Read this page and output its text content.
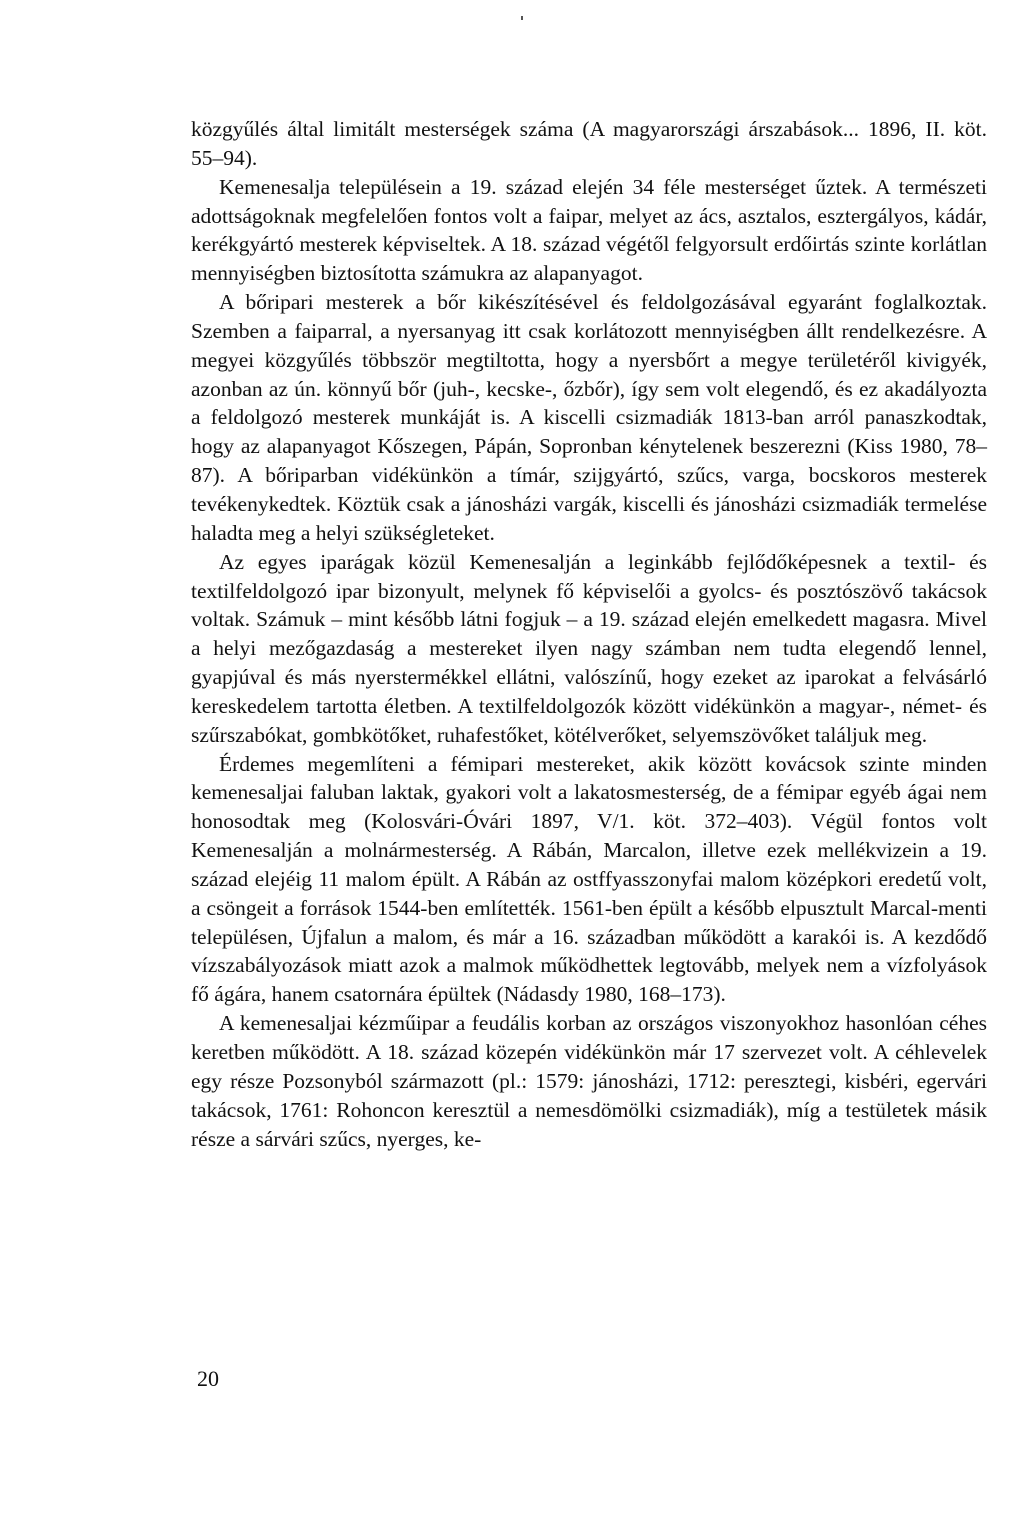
közgyűlés által limitált mesterségek száma (A magyarországi árszabások... 1896, II. köt. 55–94).

Kemenesalja településein a 19. század elején 34 féle mesterséget űztek. A természeti adottságoknak megfelelően fontos volt a faipar, melyet az ács, asztalos, esztergályos, kádár, kerékgyártó mesterek képviseltek. A 18. század végétől felgyorsult erdőirtás szinte korlátlan mennyiségben biztosította számukra az alapanyagot.

A bőripari mesterek a bőr kikészítésével és feldolgozásával egyaránt foglalkoztak. Szemben a faiparral, a nyersanyag itt csak korlátozott mennyiségben állt rendelkezésre. A megyei közgyűlés többször megtiltotta, hogy a nyersbőrt a megye területéről kivigyék, azonban az ún. könnyű bőr (juh-, kecske-, őzbőr), így sem volt elegendő, és ez akadályozta a feldolgozó mesterek munkáját is. A kiscelli csizmadiák 1813-ban arról panaszkodtak, hogy az alapanyagot Kőszegen, Pápán, Sopronban kénytelenek beszerezni (Kiss 1980, 78–87). A bőriparban vidékünkön a tímár, szijgyártó, szűcs, varga, bocskoros mesterek tevékenykedtek. Köztük csak a jánosházi vargák, kiscelli és jánosházi csizmadiák termelése haladta meg a helyi szükségleteket.

Az egyes iparágak közül Kemenesalján a leginkább fejlődőképesnek a textil- és textilfeldolgozó ipar bizonyult, melynek fő képviselői a gyolcs- és posztószövő takácsok voltak. Számuk – mint később látni fogjuk – a 19. század elején emelkedett magasra. Mivel a helyi mezőgazdaság a mestereket ilyen nagy számban nem tudta elegendő lennel, gyapjúval és más nyerstermékkel ellátni, valószínű, hogy ezeket az iparokat a felvásárló kereskedelem tartotta életben. A textilfeldolgozók között vidékünkön a magyar-, német- és szűrszabókat, gombkötőket, ruhafestőket, kötélverőket, selyemszövőket találjuk meg.

Érdemes megemlíteni a fémipari mestereket, akik között kovácsok szinte minden kemenesaljai faluban laktak, gyakori volt a lakatosmesterség, de a fémipar egyéb ágai nem honosodtak meg (Kolosvári-Óvári 1897, V/1. köt. 372–403). Végül fontos volt Kemenesalján a molnármesterség. A Rábán, Marcalon, illetve ezek mellékvizein a 19. század elejéig 11 malom épült. A Rábán az ostffyasszonyfai malom középkori eredetű volt, a csöngeit a források 1544-ben említették. 1561-ben épült a később elpusztult Marcal-menti településen, Újfalun a malom, és már a 16. században működött a karakói is. A kezdődő vízszabályozások miatt azok a malmok működhettek legtovább, melyek nem a vízfolyások fő ágára, hanem csatornára épültek (Nádasdy 1980, 168–173).

A kemenesaljai kézműipar a feudális korban az országos viszonyokhoz hasonlóan céhes keretben működött. A 18. század közepén vidékünkön már 17 szervezet volt. A céhlevelek egy része Pozsonyból származott (pl.: 1579: jánosházi, 1712: peresztegi, kisbéri, egervári takácsok, 1761: Rohoncon keresztül a nemesdömölki csizmadiák), míg a testületek másik része a sárvári szűcs, nyerges, ke-

20
